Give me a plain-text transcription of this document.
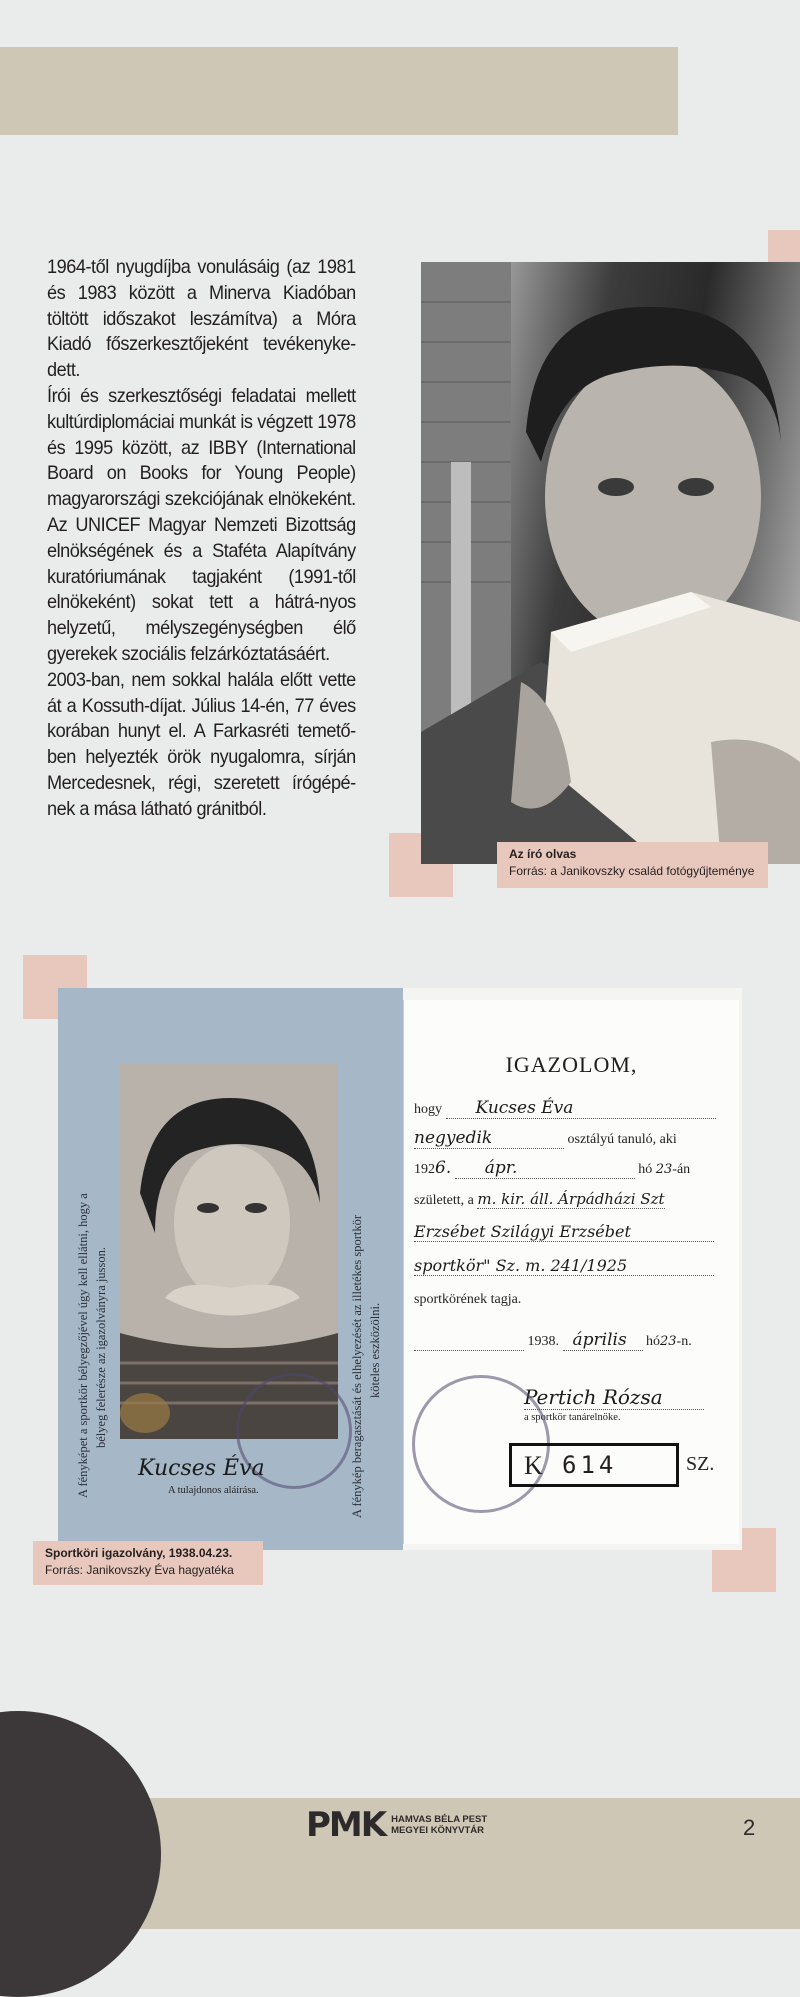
1964-től nyugdíjba vonulásáig (az 1981 és 1983 között a Minerva Kiadóban töltött időszakot leszámítva) a Móra Kiadó főszerkesztőjeként tevékenyke-dett.

Írói és szerkesztőségi feladatai mellett kultúrdiplomáciai munkát is végzett 1978 és 1995 között, az IBBY (International Board on Books for Young People) magyarországi szekciójának elnökeként. Az UNICEF Magyar Nemzeti Bizottság elnökségének és a Staféta Alapítvány kuratóriumának tagjaként (1991-től elnökeként) sokat tett a hátrá-nyos helyzetű, mélyszegénységben élő gyerekek szociális felzárkóztatásáért.

2003-ban, nem sokkal halála előtt vette át a Kossuth-díjat. Július 14-én, 77 éves korában hunyt el. A Farkasréti temető-ben helyezték örök nyugalomra, sírján Mercedesnek, régi, szeretett írógépé-nek a mása látható gránitból.

Az író olvas
Forrás: a Janikovszky család fotógyűjteménye
A fényképet a sportkör bélyegzőjével úgy kell ellátni, hogy a bélyeg felerésze az igazolványra jusson.	A fénykép beragasztását és elhelyezését az illetékes sportkör köteles eszközölni.
Kucses Éva
A tulajdonos aláírása.
IGAZOLOM,
hogy Kucses Éva
negyedik	osztályú tanuló, aki
1926. ápr.	hó 23-án
született, a m. kir. áll. Árpádházi Szt
Erzsébet Szilágyi Erzsébet
sportkör" Sz. m. 241/1925
sportkörének tagja.
1938. április hó23-n.
Pertich Rózsa
a sportkör tanárelnöke.
K 614	SZ.
Sportköri igazolvány, 1938.04.23.
Forrás: Janikovszky Éva hagyatéka
PMK HAMVAS BÉLA PEST
MEGYEI KÖNYVTÁR	2
